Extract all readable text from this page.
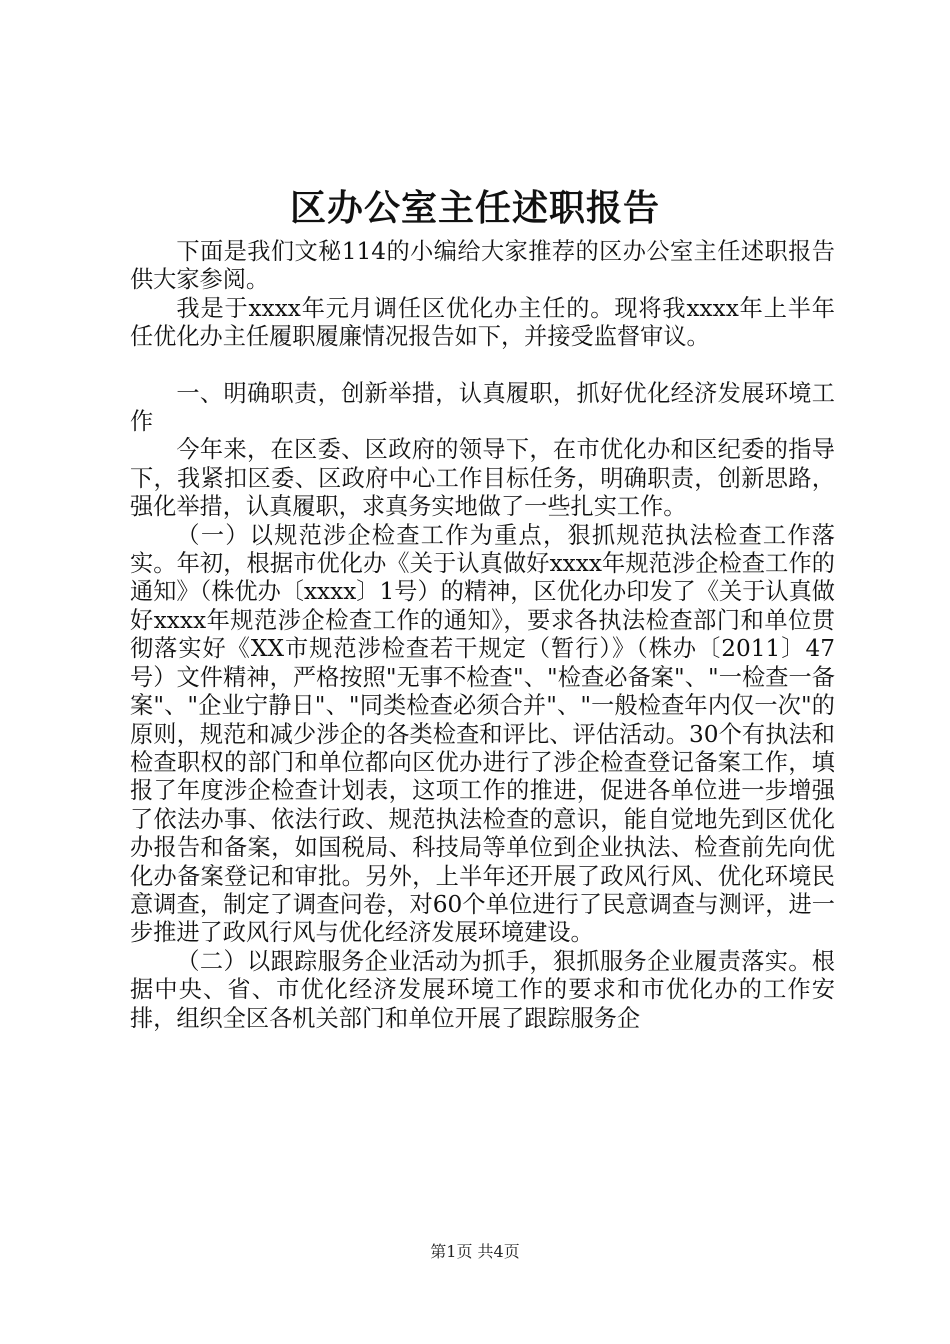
区办公室主任述职报告

下面是我们文秘114的小编给大家推荐的区办公室主任述职报告供大家参阅。

我是于xxxx年元月调任区优化办主任的。现将我xxxx年上半年任优化办主任履职履廉情况报告如下，并接受监督审议。

一、明确职责，创新举措，认真履职，抓好优化经济发展环境工作

今年来，在区委、区政府的领导下，在市优化办和区纪委的指导下，我紧扣区委、区政府中心工作目标任务，明确职责，创新思路，强化举措，认真履职，求真务实地做了一些扎实工作。

（一）以规范涉企检查工作为重点，狠抓规范执法检查工作落实。年初，根据市优化办《关于认真做好xxxx年规范涉企检查工作的通知》（株优办〔xxxx〕1号）的精神，区优化办印发了《关于认真做好xxxx年规范涉企检查工作的通知》，要求各执法检查部门和单位贯彻落实好《XX市规范涉检查若干规定（暂行）》（株办〔2011〕47号）文件精神，严格按照"无事不检查"、"检查必备案"、"一检查一备案"、"企业宁静日"、"同类检查必须合并"、"一般检查年内仅一次"的原则，规范和减少涉企的各类检查和评比、评估活动。30个有执法和检查职权的部门和单位都向区优办进行了涉企检查登记备案工作，填报了年度涉企检查计划表，这项工作的推进，促进各单位进一步增强了依法办事、依法行政、规范执法检查的意识，能自觉地先到区优化办报告和备案，如国税局、科技局等单位到企业执法、检查前先向优化办备案登记和审批。另外，上半年还开展了政风行风、优化环境民意调查，制定了调查问卷，对60个单位进行了民意调查与测评，进一步推进了政风行风与优化经济发展环境建设。

（二）以跟踪服务企业活动为抓手，狠抓服务企业履责落实。根据中央、省、市优化经济发展环境工作的要求和市优化办的工作安排，组织全区各机关部门和单位开展了跟踪服务企

第1页 共4页
